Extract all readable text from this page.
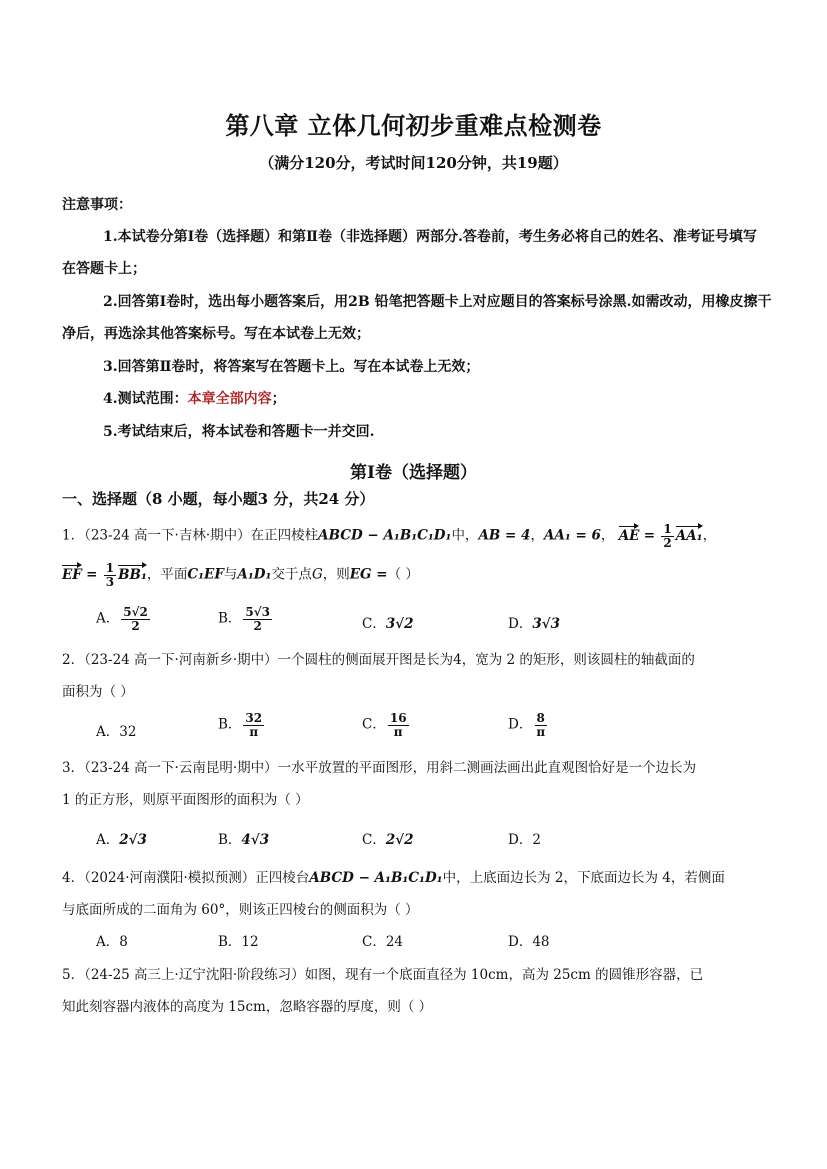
第八章 立体几何初步重难点检测卷
（满分120分，考试时间120分钟，共19题）
注意事项：
1.本试卷分第Ⅰ卷（选择题）和第Ⅱ卷（非选择题）两部分.答卷前，考生务必将自己的姓名、准考证号填写
在答题卡上；
2.回答第Ⅰ卷时，选出每小题答案后，用2B 铅笔把答题卡上对应题目的答案标号涂黑.如需改动，用橡皮擦干
净后，再选涂其他答案标号。写在本试卷上无效；
3.回答第Ⅱ卷时，将答案写在答题卡上。写在本试卷上无效；
4.测试范围：本章全部内容；
5.考试结束后，将本试卷和答题卡一并交回.
第Ⅰ卷（选择题）
一、选择题（8 小题，每小题3 分，共24 分）
1．（23-24 高一下·吉林·期中）在正四棱柱ABCD − A₁B₁C₁D₁中，AB = 4，AA₁ = 6， AE = $\frac{1}{2} AA_1$，
EF = $\frac{1}{3} BB_1$，平面C₁EF与A₁D₁交于点G，则EG =（ ）
A． $\frac{5√2}{2}$	B． $\frac{5√3}{2}$	C．3√2	D．3√3
2．（23-24 高一下·河南新乡·期中）一个圆柱的侧面展开图是长为4，宽为 2 的矩形，则该圆柱的轴截面的
面积为（ ）
A．32	B． $\frac{32}{\pi}$	C． $\frac{16}{\pi}$	D． $\frac{8}{\pi}$
3．（23-24 高一下·云南昆明·期中）一水平放置的平面图形，用斜二测画法画出此直观图恰好是一个边长为
1 的正方形，则原平面图形的面积为（ ）
A．2√3	B．4√3	C．2√2	D．2
4．（2024·河南濮阳·模拟预测）正四棱台ABCD − A₁B₁C₁D₁中，上底面边长为 2，下底面边长为 4，若侧面
与底面所成的二面角为 60°，则该正四棱台的侧面积为（ ）
A．8	B．12	C．24	D．48
5．（24-25 高三上·辽宁沈阳·阶段练习）如图，现有一个底面直径为 10cm，高为 25cm 的圆锥形容器，已
知此刻容器内液体的高度为 15cm，忽略容器的厚度，则（ ）
